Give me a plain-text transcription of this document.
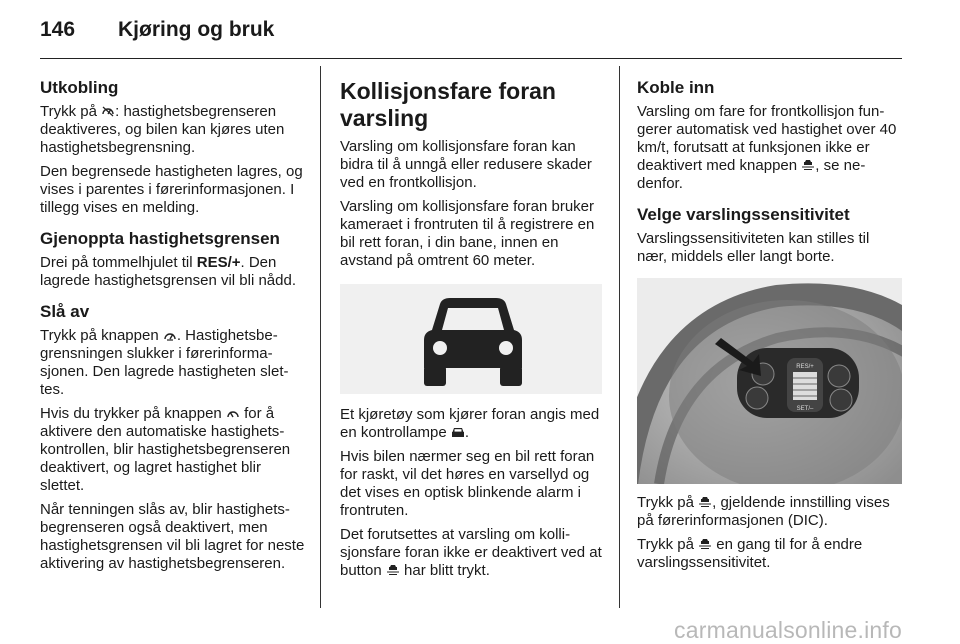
146 Kjøring og bruk

Utkobling

Trykk på : hastighetsbegrenseren deaktiveres, og bilen kan kjøres uten hastighetsbegrensning.

Den begrensede hastigheten lagres, og vises i parentes i førerinformasjonen. I tillegg vises en melding.

Gjenoppta hastighetsgrensen

Drei på tommelhjulet til RES/+. Den lagrede hastighetsgrensen vil bli nådd.

Slå av

Trykk på knappen . Hastighetsbegrensningen slukker i førerinformasjonen. Den lagrede hastigheten slettes.

Hvis du trykker på knappen  for å aktivere den automatiske hastighetskontrollen, blir hastighetsbegrenseren deaktivert, og lagret hastighet blir slettet.

Når tenningen slås av, blir hastighetsbegrenseren også deaktivert, men hastighetsgrensen vil bli lagret for neste aktivering av hastighetsbegrenseren.

Kollisjonsfare foran varsling

Varsling om kollisjonsfare foran kan bidra til å unngå eller redusere skader ved en frontkollisjon.

Varsling om kollisjonsfare foran bruker kameraet i frontruten til å registrere en bil rett foran, i din bane, innen en avstand på omtrent 60 meter.

Et kjøretøy som kjører foran angis med en kontrollampe .

Hvis bilen nærmer seg en bil rett foran for raskt, vil det høres en varsellyd og det vises en optisk blinkende alarm i frontruten.

Det forutsettes at varsling om kollisjonsfare foran ikke er deaktivert ved at button  har blitt trykt.

Koble inn

Varsling om fare for frontkollisjon fungerer automatisk ved hastighet over 40 km/t, forutsatt at funksjonen ikke er deaktivert med knappen , se nedenfor.

Velge varslingssensitivitet

Varslingssensitiviteten kan stilles til nær, middels eller langt borte.

RES/+
SET/–

Trykk på , gjeldende innstilling vises på førerinformasjonen (DIC).

Trykk på  en gang til for å endre varslingssensitivitet.

carmanualsonline.info
